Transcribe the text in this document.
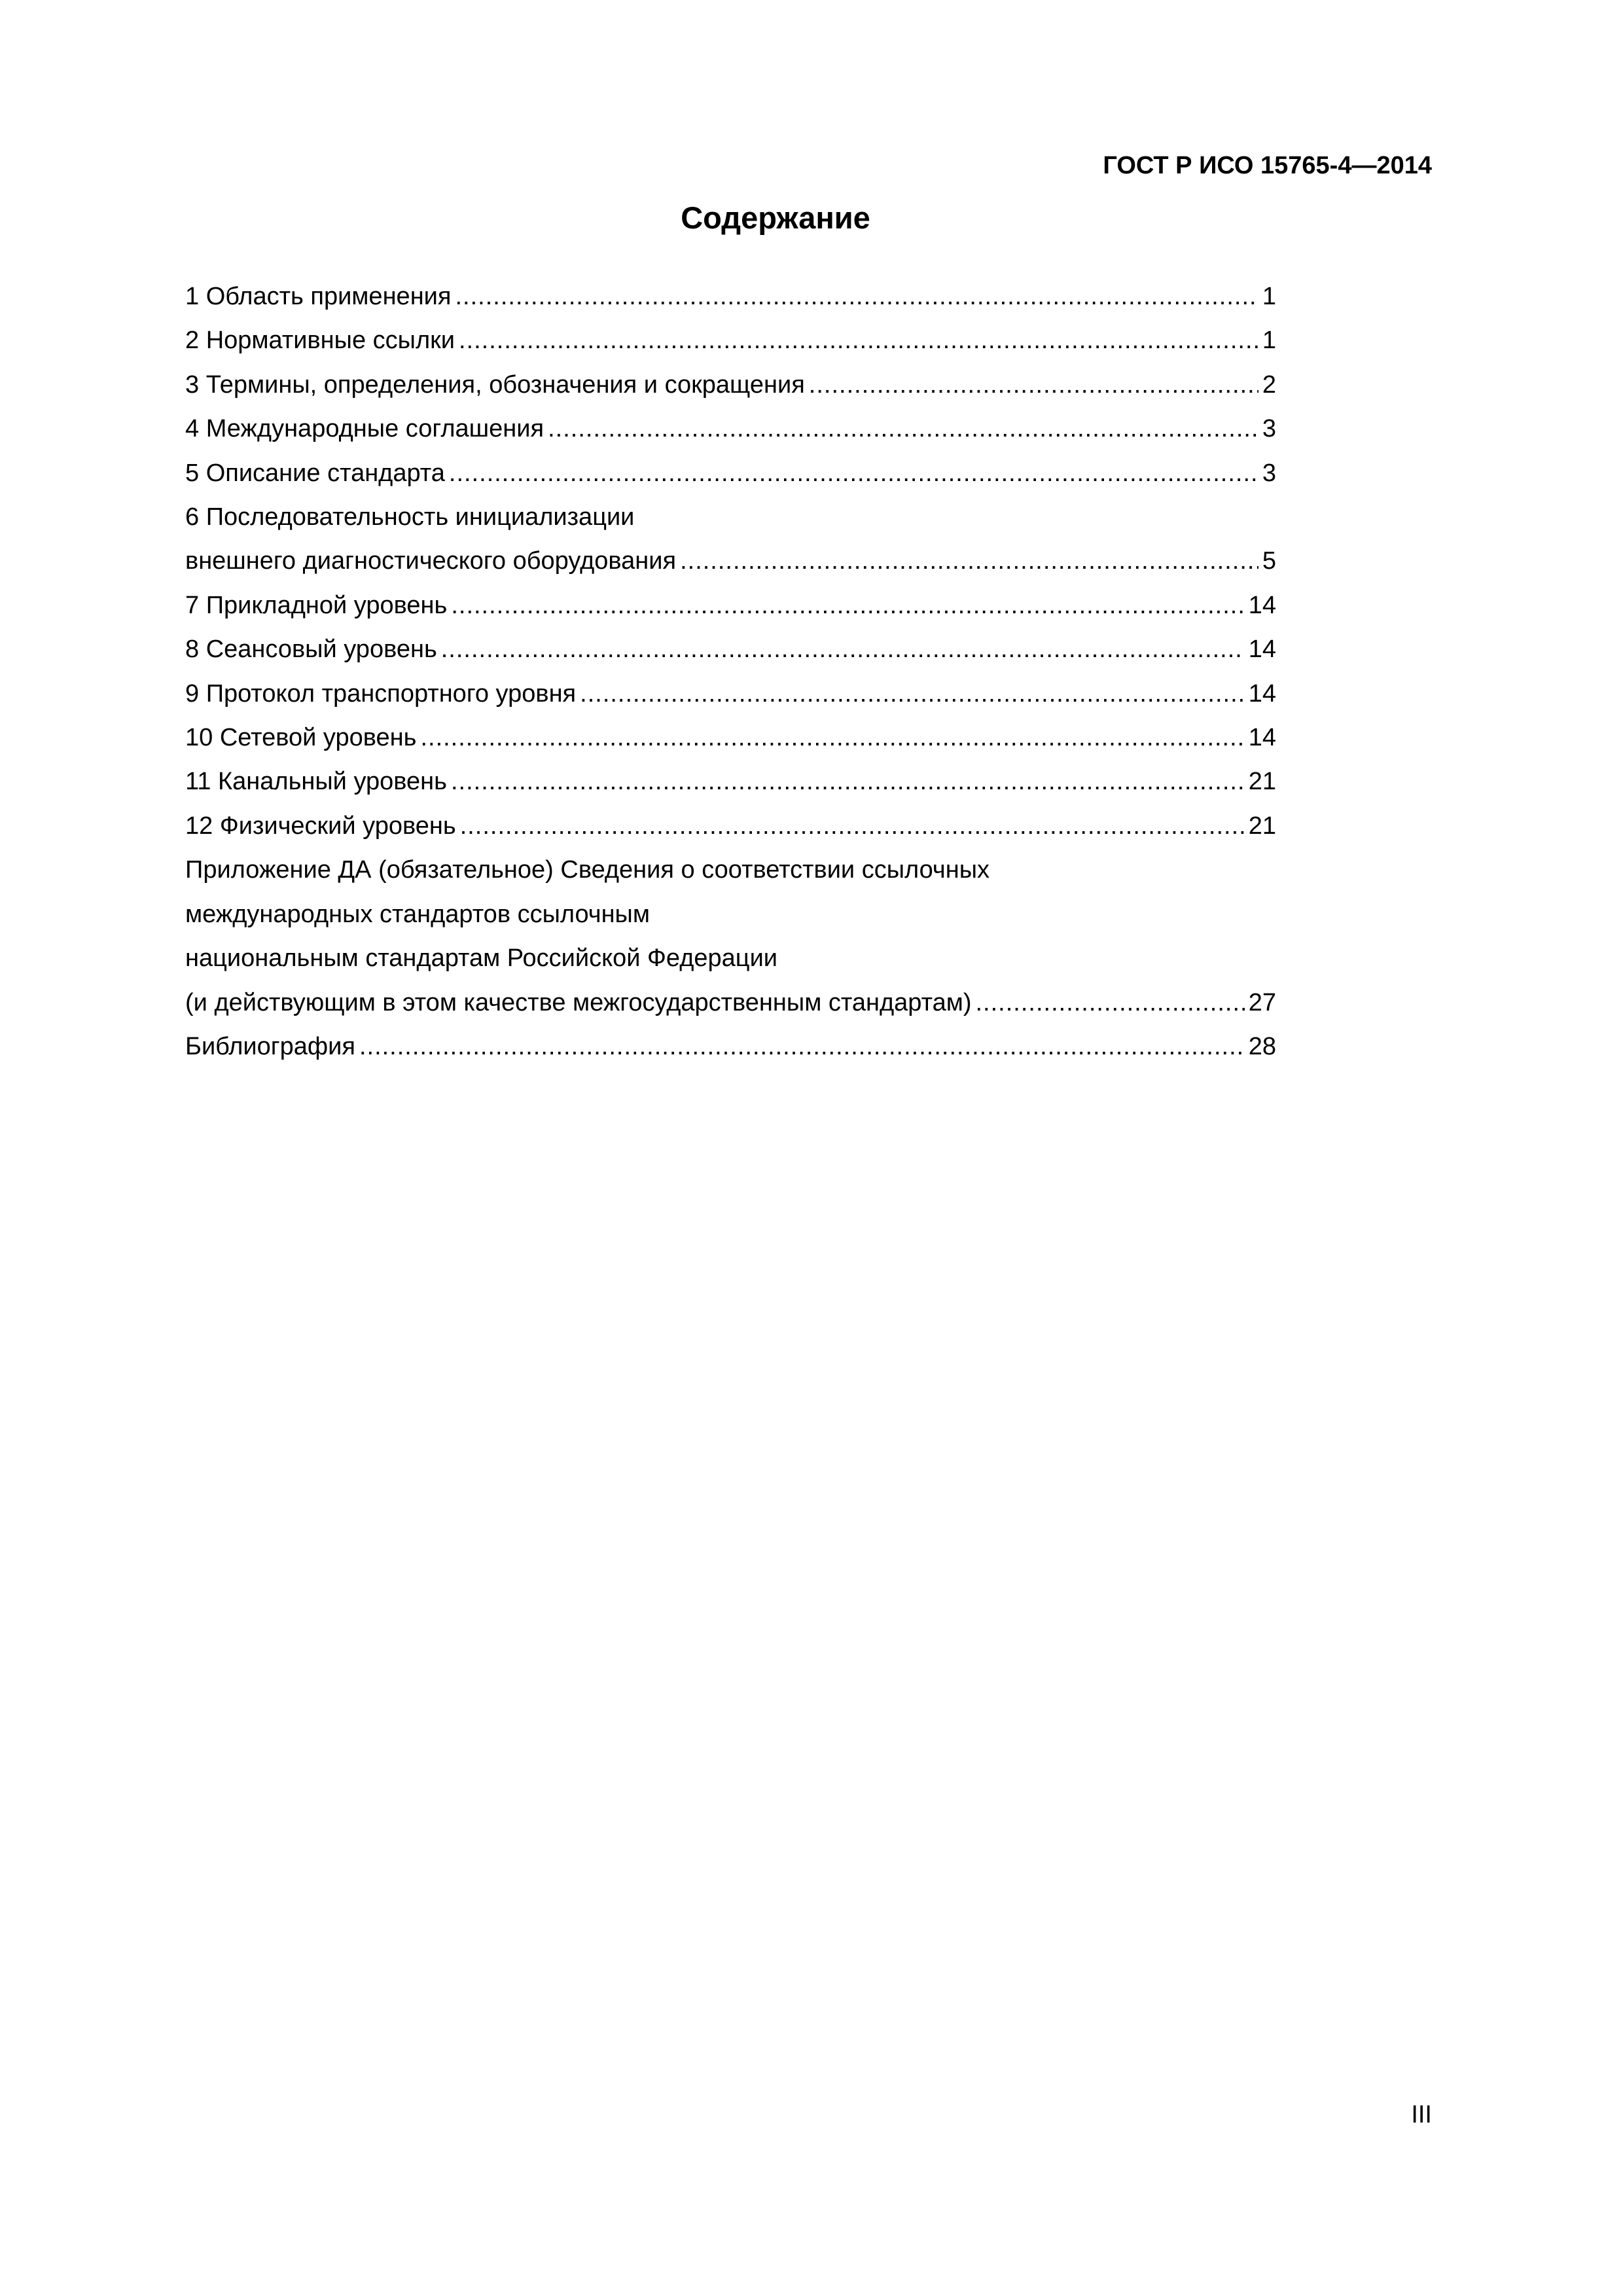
ГОСТ Р ИСО 15765-4—2014
Содержание
1 Область применения .....	1
2 Нормативные ссылки .....	1
3 Термины, определения, обозначения и сокращения .....	2
4 Международные соглашения .....	3
5 Описание стандарта .....	3
6 Последовательность инициализации
внешнего диагностического оборудования .....	5
7 Прикладной уровень .....	14
8 Сеансовый уровень .....	14
9 Протокол транспортного уровня .....	14
10 Сетевой уровень .....	14
11 Канальный уровень .....	21
12 Физический уровень .....	21
Приложение ДА (обязательное) Сведения о соответствии ссылочных
международных стандартов ссылочным
национальным стандартам Российской Федерации
(и действующим в этом качестве межгосударственным стандартам) .....	27
Библиография .....	28
III
